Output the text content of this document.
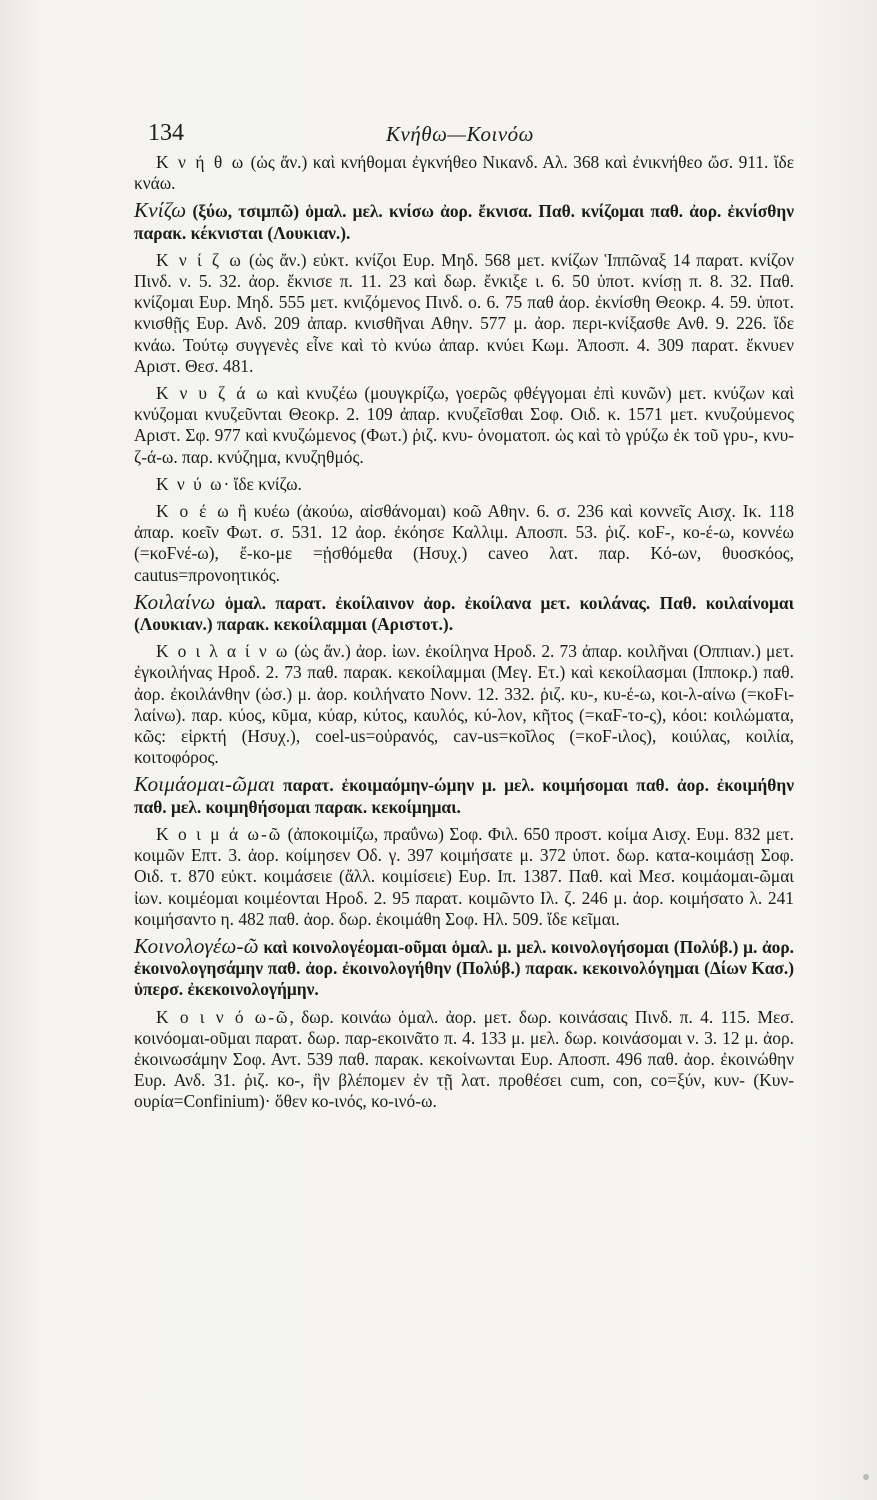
134	Κνήθω—Κοινόω

Κ ν ή θ ω (ὡς ἄν.) καὶ κνήθομαι ἐγκνήθεο Νικανδ. Αλ. 368 καὶ ἐνικνήθεο ὤσ. 911. ἴδε κνάω.

Κνίζω (ξύω, τσιμπῶ) ὁμαλ. μελ. κνίσω ἀορ. ἔκνισα. Παθ. κνίζομαι παθ. ἀορ. ἐκνίσθην παρακ. κέκνισται (Λουκιαν.).

Κ ν ί ζ ω (ὡς ἄν.) εὐκτ. κνίζοι Ευρ. Μηδ. 568 μετ. κνίζων Ἱππῶναξ 14 παρατ. κνίζον Πινδ. ν. 5. 32. ἀορ. ἔκνισε π. 11. 23 καὶ δωρ. ἔνκιξε ι. 6. 50 ὑποτ. κνίσῃ π. 8. 32. Παθ. κνίζομαι Ευρ. Μηδ. 555 μετ. κνιζόμενος Πινδ. ο. 6. 75 παθ ἀορ. ἐκνίσθη Θεοκρ. 4. 59. ὑποτ. κνισθῇς Ευρ. Ανδ. 209 ἀπαρ. κνισθῆναι Αθην. 577 μ. ἀορ. περι-κνίξασθε Ανθ. 9. 226. ἴδε κνάω. Τούτῳ συγγενὲς εἶνε καὶ τὸ κνύω ἀπαρ. κνύει Κωμ. Ἀποσπ. 4. 309 παρατ. ἔκνυεν Αριστ. Θεσ. 481.

Κ ν υ ζ ά ω καὶ κνυζέω (μουγκρίζω, γοερῶς φθέγγομαι ἐπὶ κυνῶν) μετ. κνύζων καὶ κνύζομαι κνυζεῦνται Θεοκρ. 2. 109 ἀπαρ. κνυζεῖσθαι Σοφ. Οιδ. κ. 1571 μετ. κνυζούμενος Αριστ. Σφ. 977 καὶ κνυζώμενος (Φωτ.) ῥιζ. κνυ- ὀνοματοπ. ὡς καὶ τὸ γρύζω ἐκ τοῦ γρυ-, κνυ-ζ-ά-ω. παρ. κνύζημα, κνυζηθμός.

Κ ν ύ ω· ἴδε κνίζω.

Κ ο έ ω ἢ κυέω (ἀκούω, αἰσθάνομαι) κοῶ Αθην. 6. σ. 236 καὶ κοννεῖς Αισχ. Ικ. 118 ἀπαρ. κοεῖν Φωτ. σ. 531. 12 ἀορ. ἐκόησε Καλλιμ. Αποσπ. 53. ῥιζ. κοϜ-, κο-έ-ω, κοννέω (=κοϜνέ-ω), ἔ-κο-με =ᾐσθόμεθα (Ησυχ.) caveo λατ. παρ. Κό-ων, θυοσκόος, cautus=προνοητικός.

Κοιλαίνω ὁμαλ. παρατ. ἐκοίλαινον ἀορ. ἐκοίλανα μετ. κοιλάνας. Παθ. κοιλαίνομαι (Λουκιαν.) παρακ. κεκοίλαμμαι (Αριστοτ.).

Κ ο ι λ α ί ν ω (ὡς ἄν.) ἀορ. ἰων. ἐκοίληνα Ηροδ. 2. 73 ἀπαρ. κοιλῆναι (Οππιαν.) μετ. ἐγκοιλήνας Ηροδ. 2. 73 παθ. παρακ. κεκοίλαμμαι (Μεγ. Ετ.) καὶ κεκοίλασμαι (Ιπποκρ.) παθ. ἀορ. ἐκοιλάνθην (ὡσ.) μ. ἀορ. κοιλήνατο Νονν. 12. 332. ῥιζ. κυ-, κυ-έ-ω, κοι-λ-αίνω (=κοϜι-λαίνω). παρ. κύος, κῦμα, κύαρ, κύτος, καυλός, κύ-λον, κῆτος (=καϜ-το-ς), κόοι: κοιλώματα, κῶς: εἱρκτή (Ησυχ.), coel-us=οὐρανός, cav-us=κοῖλος (=κοϜ-ιλος), κοιύλας, κοιλία, κοιτοφόρος.

Κοιμάομαι-ῶμαι παρατ. ἐκοιμαόμην-ώμην μ. μελ. κοιμήσομαι παθ. ἀορ. ἐκοιμήθην παθ. μελ. κοιμηθήσομαι παρακ. κεκοίμημαι.

Κ ο ι μ ά ω-ῶ (ἀποκοιμίζω, πραΰνω) Σοφ. Φιλ. 650 προστ. κοίμα Αισχ. Ευμ. 832 μετ. κοιμῶν Επτ. 3. ἀορ. κοίμησεν Οδ. γ. 397 κοιμήσατε μ. 372 ὑποτ. δωρ. κατα-κοιμάσῃ Σοφ. Οιδ. τ. 870 εὐκτ. κοιμάσειε (ἄλλ. κοιμίσειε) Ευρ. Ιπ. 1387. Παθ. καὶ Μεσ. κοιμάομαι-ῶμαι ἰων. κοιμέομαι κοιμέονται Ηροδ. 2. 95 παρατ. κοιμῶντο Ιλ. ζ. 246 μ. ἀορ. κοιμήσατο λ. 241 κοιμήσαντο η. 482 παθ. ἀορ. δωρ. ἐκοιμάθη Σοφ. Ηλ. 509. ἴδε κεῖμαι.

Κοινολογέω-ῶ καὶ κοινολογέομαι-οῦμαι ὁμαλ. μ. μελ. κοινολογήσομαι (Πολύβ.) μ. ἀορ. ἐκοινολογησάμην παθ. ἀορ. ἐκοινολογήθην (Πολύβ.) παρακ. κεκοινολόγημαι (Δίων Κασ.) ὑπερσ. ἐκεκοινολογήμην.

Κ ο ι ν ό ω-ῶ, δωρ. κοινάω ὁμαλ. ἀορ. μετ. δωρ. κοινάσαις Πινδ. π. 4. 115. Μεσ. κοινόομαι-οῦμαι παρατ. δωρ. παρ-εκοινᾶτο π. 4. 133 μ. μελ. δωρ. κοινάσομαι ν. 3. 12 μ. ἀορ. ἐκοινωσάμην Σοφ. Αντ. 539 παθ. παρακ. κεκοίνωνται Ευρ. Αποσπ. 496 παθ. ἀορ. ἐκοινώθην Ευρ. Ανδ. 31. ῥιζ. κο-, ἣν βλέπομεν ἐν τῇ λατ. προθέσει cum, con, co=ξύν, κυν- (Κυν-ουρία=Confinium)· ὅθεν κο-ινός, κο-ινό-ω.
